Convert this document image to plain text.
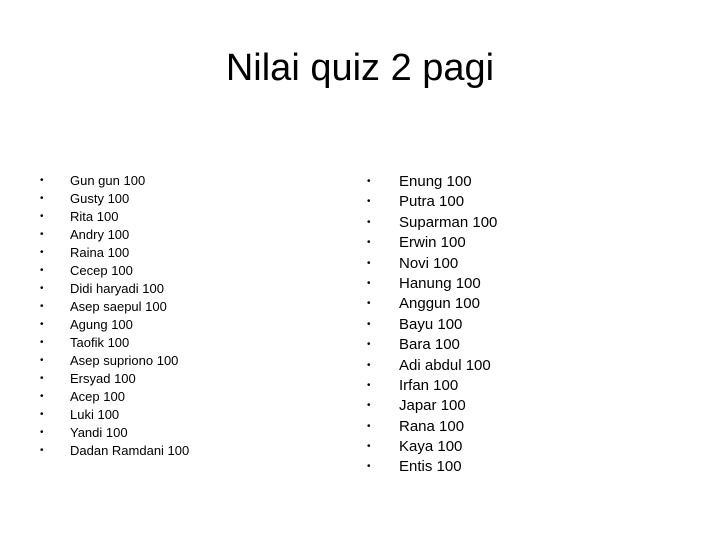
Nilai quiz 2 pagi
• Gun gun 100
• Gusty 100
• Rita 100
• Andry 100
• Raina 100
• Cecep 100
• Didi haryadi 100
• Asep saepul 100
• Agung 100
• Taofik 100
• Asep supriono 100
• Ersyad 100
• Acep 100
• Luki 100
• Yandi 100
• Dadan Ramdani 100
• Enung 100
• Putra 100
• Suparman 100
• Erwin 100
• Novi 100
• Hanung 100
• Anggun 100
• Bayu 100
• Bara 100
• Adi abdul 100
• Irfan 100
• Japar 100
• Rana 100
• Kaya 100
• Entis 100
